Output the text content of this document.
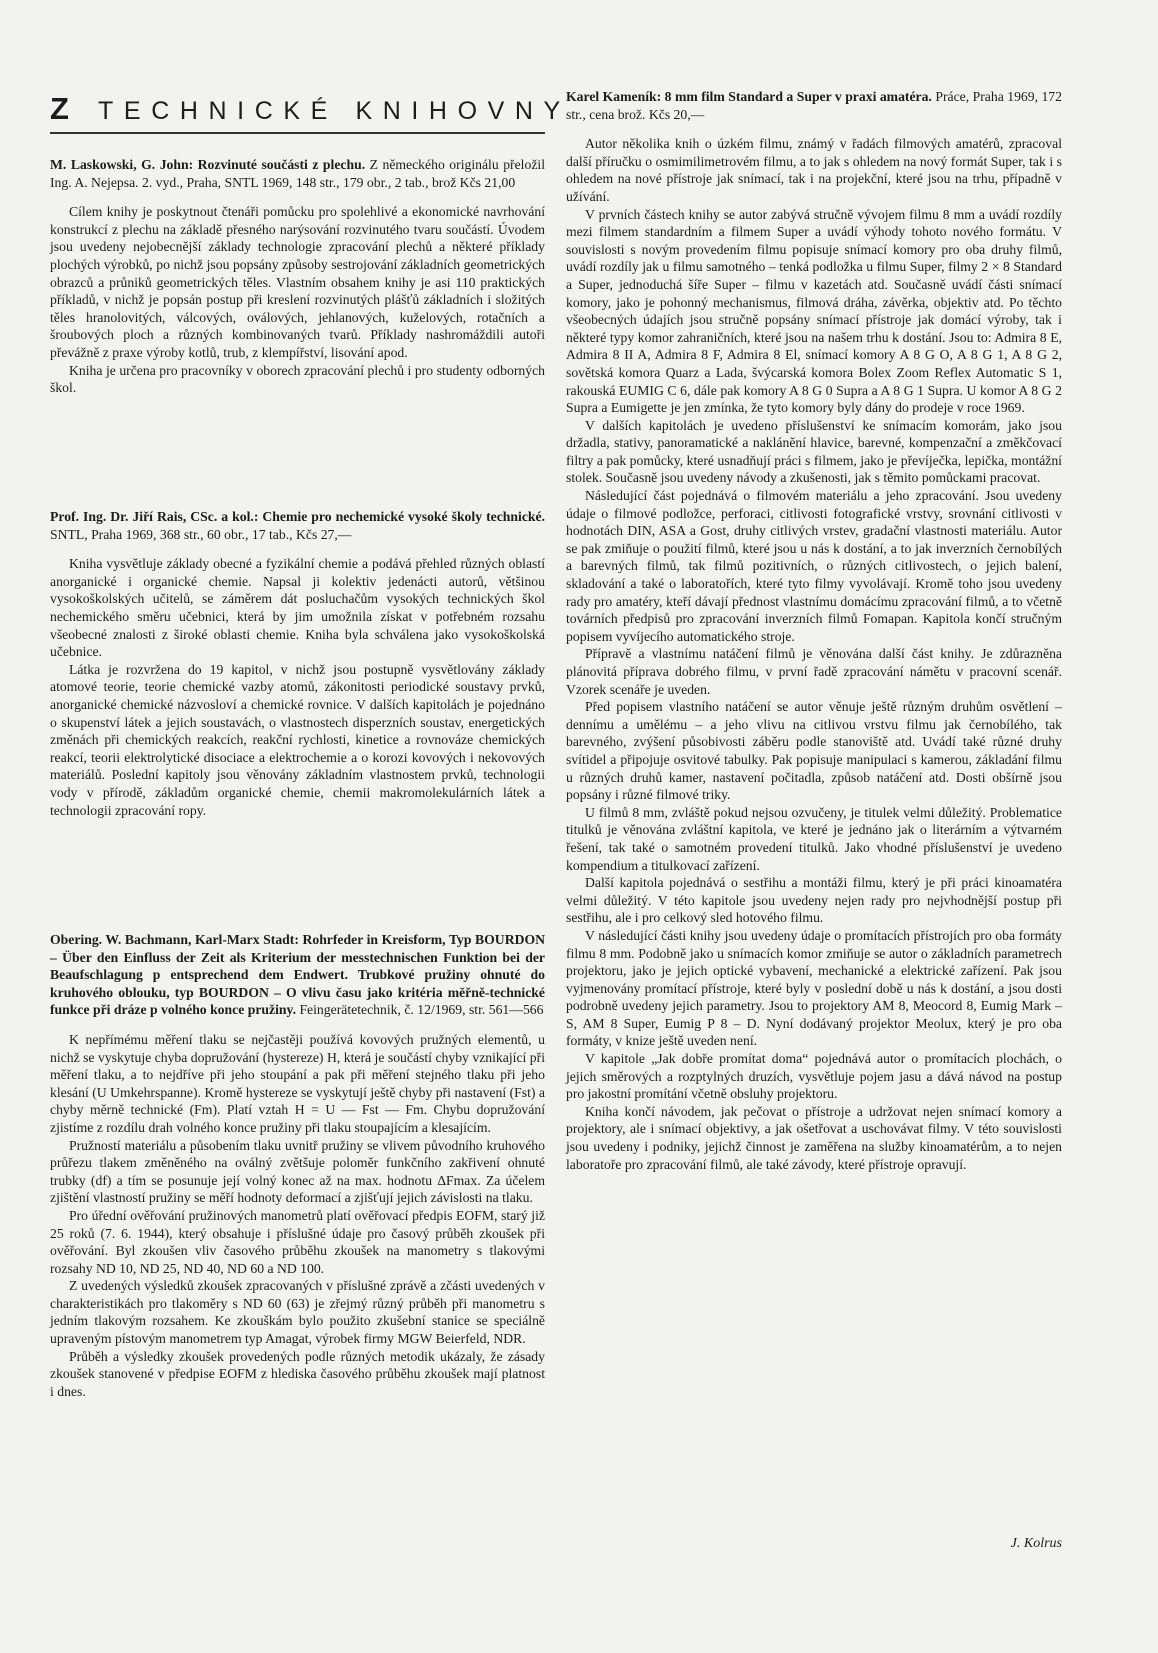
Z TECHNICKÉ KNIHOVNY

M. Laskowski, G. John: Rozvinuté součásti z plechu. Z německého originálu přeložil Ing. A. Nejepsa. 2. vyd., Praha, SNTL 1969, 148 str., 179 obr., 2 tab., brož Kčs 21,00

Cílem knihy je poskytnout čtenáři pomůcku pro spolehlivé a ekonomické navrhování konstrukcí z plechu na základě přesného narýsování rozvinutého tvaru součástí. Úvodem jsou uvedeny nejobecnější základy technologie zpracování plechů a některé příklady plochých výrobků, po nichž jsou popsány způsoby sestrojování základních geometrických obrazců a průniků geometrických těles. Vlastním obsahem knihy je asi 110 praktických příkladů, v nichž je popsán postup při kreslení rozvinutých plášťů základních i složitých těles hranolovitých, válcových, oválových, jehlanových, kuželových, rotačních a šroubových ploch a různých kombinovaných tvarů. Příklady nashromáždili autoři převážně z praxe výroby kotlů, trub, z klempířství, lisování apod.

Kniha je určena pro pracovníky v oborech zpracování plechů i pro studenty odborných škol.

Prof. Ing. Dr. Jiří Rais, CSc. a kol.: Chemie pro nechemické vysoké školy technické. SNTL, Praha 1969, 368 str., 60 obr., 17 tab., Kčs 27,—

Kniha vysvětluje základy obecné a fyzikální chemie a podává přehled různých oblastí anorganické i organické chemie. Napsal ji kolektiv jedenácti autorů, většinou vysokoškolských učitelů, se záměrem dát posluchačům vysokých technických škol nechemického směru učebnici, která by jim umožnila získat v potřebném rozsahu všeobecné znalosti z široké oblasti chemie. Kniha byla schválena jako vysokoškolská učebnice.

Látka je rozvržena do 19 kapitol, v nichž jsou postupně vysvětlovány základy atomové teorie, teorie chemické vazby atomů, zákonitosti periodické soustavy prvků, anorganické chemické názvosloví a chemické rovnice. V dalších kapitolách je pojednáno o skupenství látek a jejich soustavách, o vlastnostech disperzních soustav, energetických změnách při chemických reakcích, reakční rychlosti, kinetice a rovnováze chemických reakcí, teorii elektrolytické disociace a elektrochemie a o korozi kovových i nekovových materiálů. Poslední kapitoly jsou věnovány základním vlastnostem prvků, technologii vody v přírodě, základům organické chemie, chemii makromolekulárních látek a technologii zpracování ropy.

Obering. W. Bachmann, Karl-Marx Stadt: Rohrfeder in Kreisform, Typ BOURDON – Über den Einfluss der Zeit als Kriterium der messtechnischen Funktion bei der Beaufschlagung p entsprechend dem Endwert. Trubkové pružiny ohnuté do kruhového oblouku, typ BOURDON – O vlivu času jako kritéria měřně-technické funkce při dráze p volného konce pružiny. Feingerätetechnik, č. 12/1969, str. 561—566

K nepřímému měření tlaku se nejčastěji používá kovových pružných elementů, u nichž se vyskytuje chyba dopružování (hystereze) H, která je součástí chyby vznikající při měření tlaku, a to nejdříve při jeho stoupání a pak při měření stejného tlaku při jeho klesání (U Umkehrspanne). Kromě hystereze se vyskytují ještě chyby při nastavení (Fst) a chyby měrně technické (Fm). Platí vztah H = U — Fst — Fm. Chybu dopružování zjistíme z rozdílu drah volného konce pružiny při tlaku stoupajícím a klesajícím.

Pružností materiálu a působením tlaku uvnitř pružiny se vlivem původního kruhového průřezu tlakem změněného na oválný zvětšuje poloměr funkčního zakřivení ohnuté trubky (df) a tím se posunuje její volný konec až na max. hodnotu ΔFmax. Za účelem zjištění vlastností pružiny se měří hodnoty deformací a zjišťují jejich závislosti na tlaku.

Pro úřední ověřování pružinových manometrů platí ověřovací předpis EOFM, starý již 25 roků (7. 6. 1944), který obsahuje i příslušné údaje pro časový průběh zkoušek při ověřování. Byl zkoušen vliv časového průběhu zkoušek na manometry s tlakovými rozsahy ND 10, ND 25, ND 40, ND 60 a ND 100.

Z uvedených výsledků zkoušek zpracovaných v příslušné zprávě a zčásti uvedených v charakteristikách pro tlakoměry s ND 60 (63) je zřejmý různý průběh při manometru s jedním tlakovým rozsahem. Ke zkouškám bylo použito zkušební stanice se speciálně upraveným pístovým manometrem typ Amagat, výrobek firmy MGW Beierfeld, NDR.

Průběh a výsledky zkoušek provedených podle různých metodik ukázaly, že zásady zkoušek stanovené v předpise EOFM z hlediska časového průběhu zkoušek mají platnost i dnes.

Karel Kameník: 8 mm film Standard a Super v praxi amatéra. Práce, Praha 1969, 172 str., cena brož. Kčs 20,—

Autor několika knih o úzkém filmu, známý v řadách filmových amatérů, zpracoval další příručku o osmimilimetrovém filmu, a to jak s ohledem na nový formát Super, tak i s ohledem na nové přístroje jak snímací, tak i na projekční, které jsou na trhu, případně v užívání.

V prvních částech knihy se autor zabývá stručně vývojem filmu 8 mm a uvádí rozdíly mezi filmem standardním a filmem Super a uvádí výhody tohoto nového formátu. V souvislosti s novým provedením filmu popisuje snímací komory pro oba druhy filmů, uvádí rozdíly jak u filmu samotného – tenká podložka u filmu Super, filmy 2 × 8 Standard a Super, jednoduchá šíře Super – filmu v kazetách atd. Současně uvádí části snímací komory, jako je pohonný mechanismus, filmová dráha, závěrka, objektiv atd. Po těchto všeobecných údajích jsou stručně popsány snímací přístroje jak domácí výroby, tak i některé typy komor zahraničních, které jsou na našem trhu k dostání. Jsou to: Admira 8 E, Admira 8 II A, Admira 8 F, Admira 8 El, snímací komory A 8 G O, A 8 G 1, A 8 G 2, sovětská komora Quarz a Lada, švýcarská komora Bolex Zoom Reflex Automatic S 1, rakouská EUMIG C 6, dále pak komory A 8 G 0 Supra a A 8 G 1 Supra. U komor A 8 G 2 Supra a Eumigette je jen zmínka, že tyto komory byly dány do prodeje v roce 1969.

V dalších kapitolách je uvedeno příslušenství ke snímacím komorám, jako jsou držadla, stativy, panoramatické a naklánění hlavice, barevné, kompenzační a změkčovací filtry a pak pomůcky, které usnadňují práci s filmem, jako je převíječka, lepička, montážní stolek. Současně jsou uvedeny návody a zkušenosti, jak s těmito pomůckami pracovat.

Následující část pojednává o filmovém materiálu a jeho zpracování. Jsou uvedeny údaje o filmové podložce, perforaci, citlivosti fotografické vrstvy, srovnání citlivosti v hodnotách DIN, ASA a Gost, druhy citlivých vrstev, gradační vlastnosti materiálu. Autor se pak zmiňuje o použití filmů, které jsou u nás k dostání, a to jak inverzních černobílých a barevných filmů, tak filmů pozitivních, o různých citlivostech, o jejich balení, skladování a také o laboratořích, které tyto filmy vyvolávají. Kromě toho jsou uvedeny rady pro amatéry, kteří dávají přednost vlastnímu domácímu zpracování filmů, a to včetně továrních předpisů pro zpracování inverzních filmů Fomapan. Kapitola končí stručným popisem vyvíjecího automatického stroje.

Přípravě a vlastnímu natáčení filmů je věnována další část knihy. Je zdůrazněna plánovitá příprava dobrého filmu, v první řadě zpracování námětu v pracovní scenář. Vzorek scenáře je uveden.

Před popisem vlastního natáčení se autor věnuje ještě různým druhům osvětlení – dennímu a umělému – a jeho vlivu na citlivou vrstvu filmu jak černobílého, tak barevného, zvýšení působivosti záběru podle stanoviště atd. Uvádí také různé druhy svítidel a připojuje osvitové tabulky. Pak popisuje manipulaci s kamerou, základání filmu u různých druhů kamer, nastavení počitadla, způsob natáčení atd. Dosti obšírně jsou popsány i různé filmové triky.

U filmů 8 mm, zvláště pokud nejsou ozvučeny, je titulek velmi důležitý. Problematice titulků je věnována zvláštní kapitola, ve které je jednáno jak o literárním a výtvarném řešení, tak také o samotném provedení titulků. Jako vhodné příslušenství je uvedeno kompendium a titulkovací zařízení.

Další kapitola pojednává o sestřihu a montáži filmu, který je při práci kinoamatéra velmi důležitý. V této kapitole jsou uvedeny nejen rady pro nejvhodnější postup při sestřihu, ale i pro celkový sled hotového filmu.

V následující části knihy jsou uvedeny údaje o promítacích přístrojích pro oba formáty filmu 8 mm. Podobně jako u snímacích komor zmiňuje se autor o základních parametrech projektoru, jako je jejich optické vybavení, mechanické a elektrické zařízení. Pak jsou vyjmenovány promítací přístroje, které byly v poslední době u nás k dostání, a jsou dosti podrobně uvedeny jejich parametry. Jsou to projektory AM 8, Meocord 8, Eumig Mark – S, AM 8 Super, Eumig P 8 – D. Nyní dodávaný projektor Meolux, který je pro oba formáty, v knize ještě uveden není.

V kapitole „Jak dobře promítat doma“ pojednává autor o promítacích plochách, o jejich směrových a rozptylných druzích, vysvětluje pojem jasu a dává návod na postup pro jakostní promítání včetně obsluhy projektoru.

Kniha končí návodem, jak pečovat o přístroje a udržovat nejen snímací komory a projektory, ale i snímací objektivy, a jak ošetřovat a uschovávat filmy. V této souvislosti jsou uvedeny i podniky, jejichž činnost je zaměřena na služby kinoamatérům, a to nejen laboratoře pro zpracování filmů, ale také závody, které přístroje opravují.

J. Kolrus
